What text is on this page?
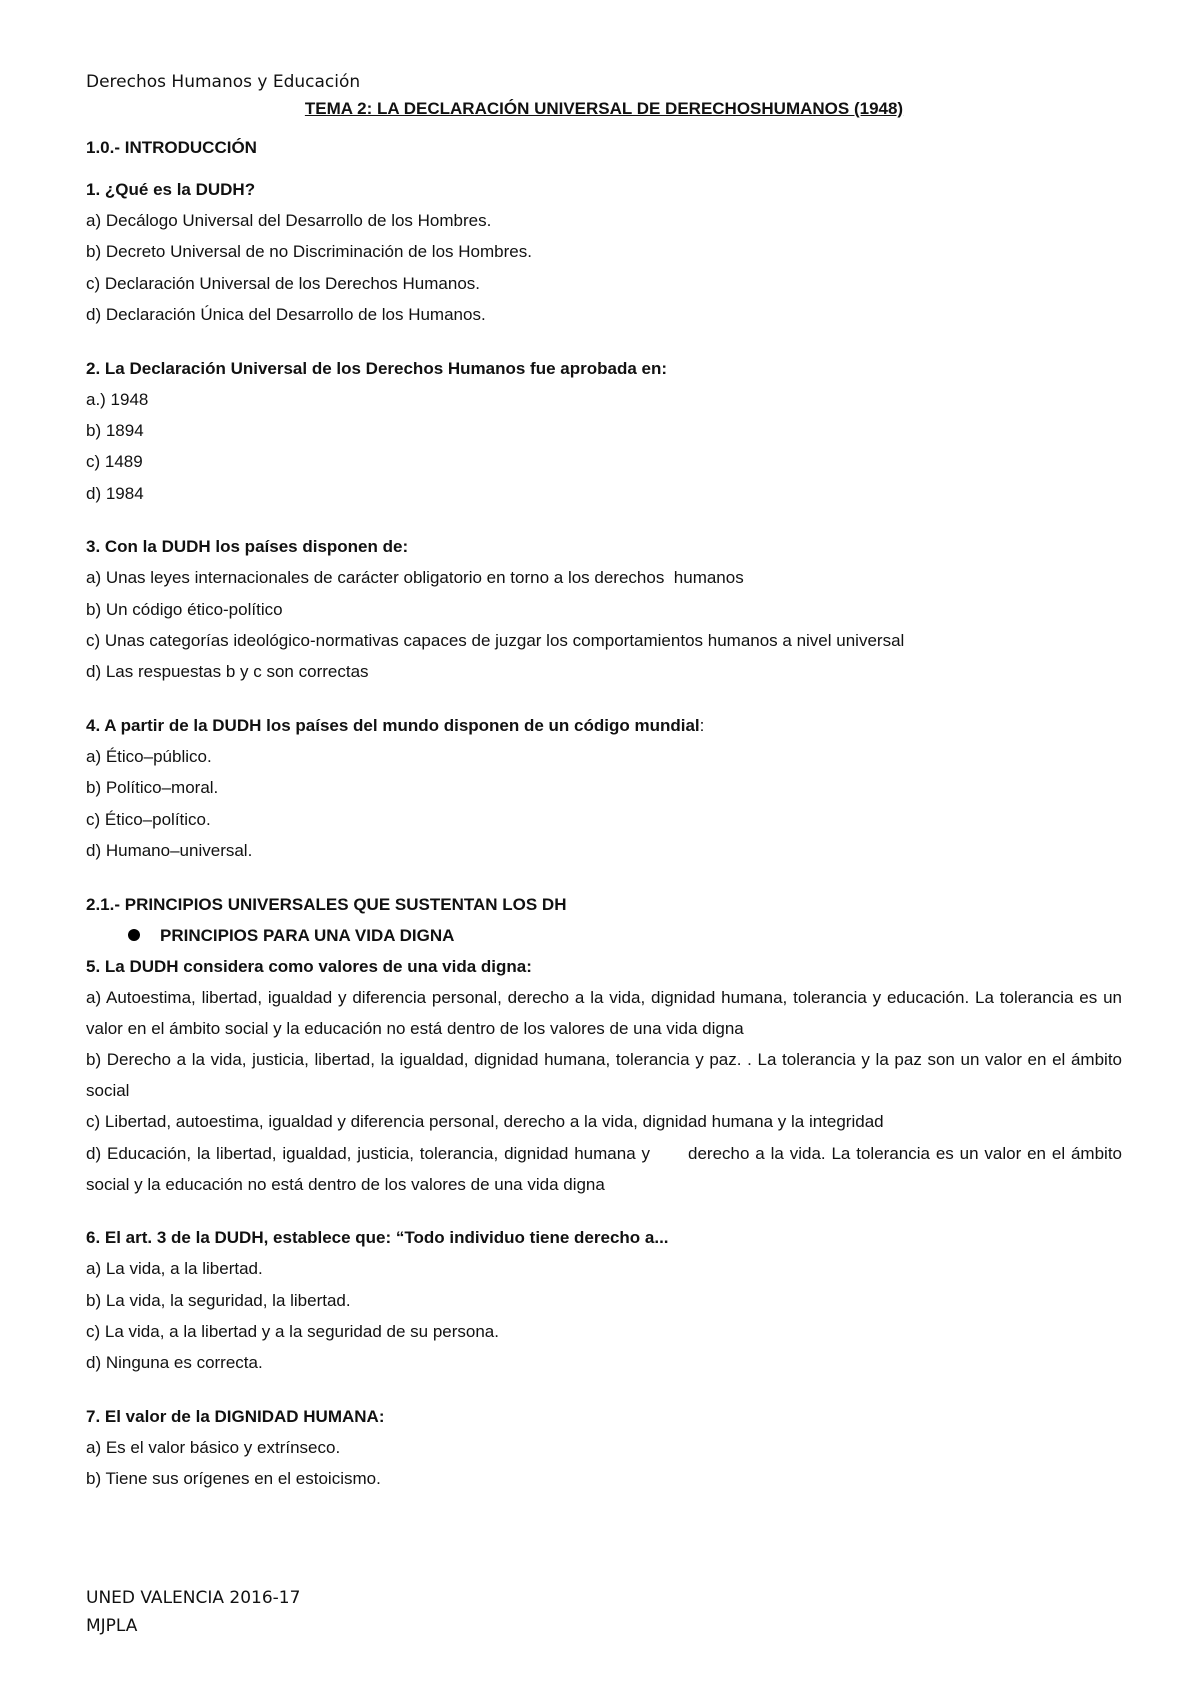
Derechos Humanos y Educación
TEMA 2: LA DECLARACIÓN UNIVERSAL DE DERECHOSHUMANOS (1948)
1.0.- INTRODUCCIÓN
1. ¿Qué es la DUDH?
a) Decálogo Universal del Desarrollo de los Hombres.
b) Decreto Universal de no Discriminación de los Hombres.
c) Declaración Universal de los Derechos Humanos.
d) Declaración Única del Desarrollo de los Humanos.
2. La Declaración Universal de los Derechos Humanos fue aprobada en:
a.) 1948
b) 1894
c) 1489
d) 1984
3. Con la DUDH los países disponen de:
a) Unas leyes internacionales de carácter obligatorio en torno a los derechos  humanos
b) Un código ético-político
c) Unas categorías ideológico-normativas capaces de juzgar los comportamientos humanos a nivel universal
d) Las respuestas b y c son correctas
4. A partir de la DUDH los países del mundo disponen de un código mundial:
a) Ético–público.
b) Político–moral.
c) Ético–político.
d) Humano–universal.
2.1.- PRINCIPIOS UNIVERSALES QUE SUSTENTAN LOS DH
PRINCIPIOS PARA UNA VIDA DIGNA
5. La DUDH considera como valores de una vida digna:
a) Autoestima, libertad, igualdad y diferencia personal, derecho a la vida, dignidad humana, tolerancia y educación. La tolerancia es un valor en el ámbito social y la educación no está dentro de los valores de una vida digna
b) Derecho a la vida, justicia, libertad, la igualdad, dignidad humana, tolerancia y paz. . La tolerancia y la paz son un valor en el ámbito social
c) Libertad, autoestima, igualdad y diferencia personal, derecho a la vida, dignidad humana y la integridad
d) Educación, la libertad, igualdad, justicia, tolerancia, dignidad humana y derecho a la vida. La tolerancia es un valor en el ámbito social y la educación no está dentro de los valores de una vida digna
6. El art. 3 de la DUDH, establece que: “Todo individuo tiene derecho a...
a) La vida, a la libertad.
b) La vida, la seguridad, la libertad.
c) La vida, a la libertad y a la seguridad de su persona.
d) Ninguna es correcta.
7. El valor de la DIGNIDAD HUMANA:
a) Es el valor básico y extrínseco.
b) Tiene sus orígenes en el estoicismo.
UNED VALENCIA 2016-17
MJPLA
